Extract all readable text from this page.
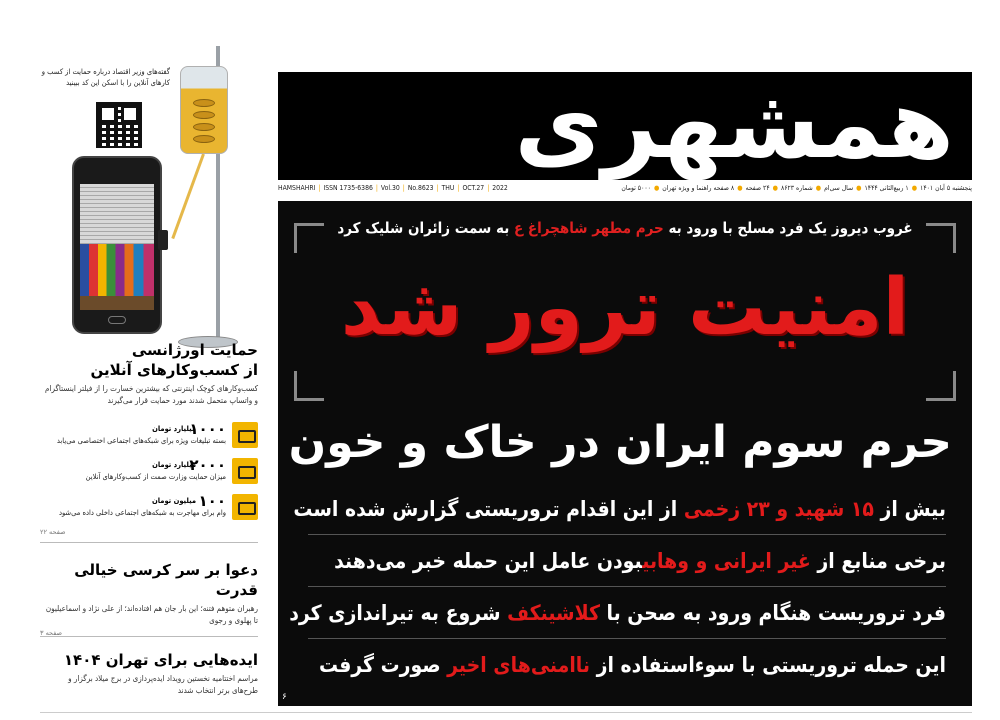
همشهری
HAMSHAHRI | ISSN 1735-6386 | Vol.30 | No.8623 | THU | OCT.27 | 2022	پنجشنبه ۵ آبان ۱۴۰۱
●
۱ ربیع‌الثانی ۱۴۴۴
●
سال سی‌ام
●
شماره ۸۶۲۳
●
۲۴ صفحه
●
۸ صفحه راهنما و ویژه تهران
●
۵۰۰۰ تومان
غروب دیروز یک فرد مسلح با ورود به حرم مطهر شاهچراغ ع به سمت زائران شلیک کرد
امنیت ترور شد
حرم سوم ایران در خاک و خون
بیش از ۱۵ شهید و ۲۳ زخمی از این اقدام تروریستی گزارش شده است
برخی منابع از غیر ایرانی و وهابیبودن عامل این حمله خبر می‌دهند
فرد تروریست هنگام ورود به صحن با کلاشینکف شروع به تیراندازی کرد
این حمله تروریستی با سوءاستفاده از ناامنی‌های اخیر صورت گرفت
۶
گفته‌های وزیر اقتصاد درباره حمایت از کسب و کارهای آنلاین را با اسکن این کد ببینید
حمایت اورژانسی
از کسب‌وکارهای آنلاین

کسب‌وکارهای کوچک اینترنتی که بیشترین خسارت را از فیلتر اینستاگرام و واتساپ متحمل شدند مورد حمایت قرار می‌گیرند

۱۰۰۰
میلیارد تومان
بسته تبلیغات ویژه برای شبکه‌های اجتماعی اختصاصی می‌یابد
۲۰۰۰
میلیارد تومان
میزان حمایت وزارت صمت از کسب‌وکارهای آنلاین
۱۰۰
میلیون تومان
وام برای مهاجرت به شبکه‌های اجتماعی داخلی داده می‌شود
صفحه ۲۲
دعوا بر سر کرسی خیالی قدرت

رهبران متوهم فتنه؛ این بار جان هم افتاده‌اند؛ از علی نژاد و اسماعیلیون تا پهلوی و رجوی

صفحه ۳
ایده‌هایی برای تهران ۱۴۰۴

مراسم اختتامیه نخستین رویداد ایده‌پردازی در برج میلاد برگزار و طرح‌های برتر انتخاب شدند
